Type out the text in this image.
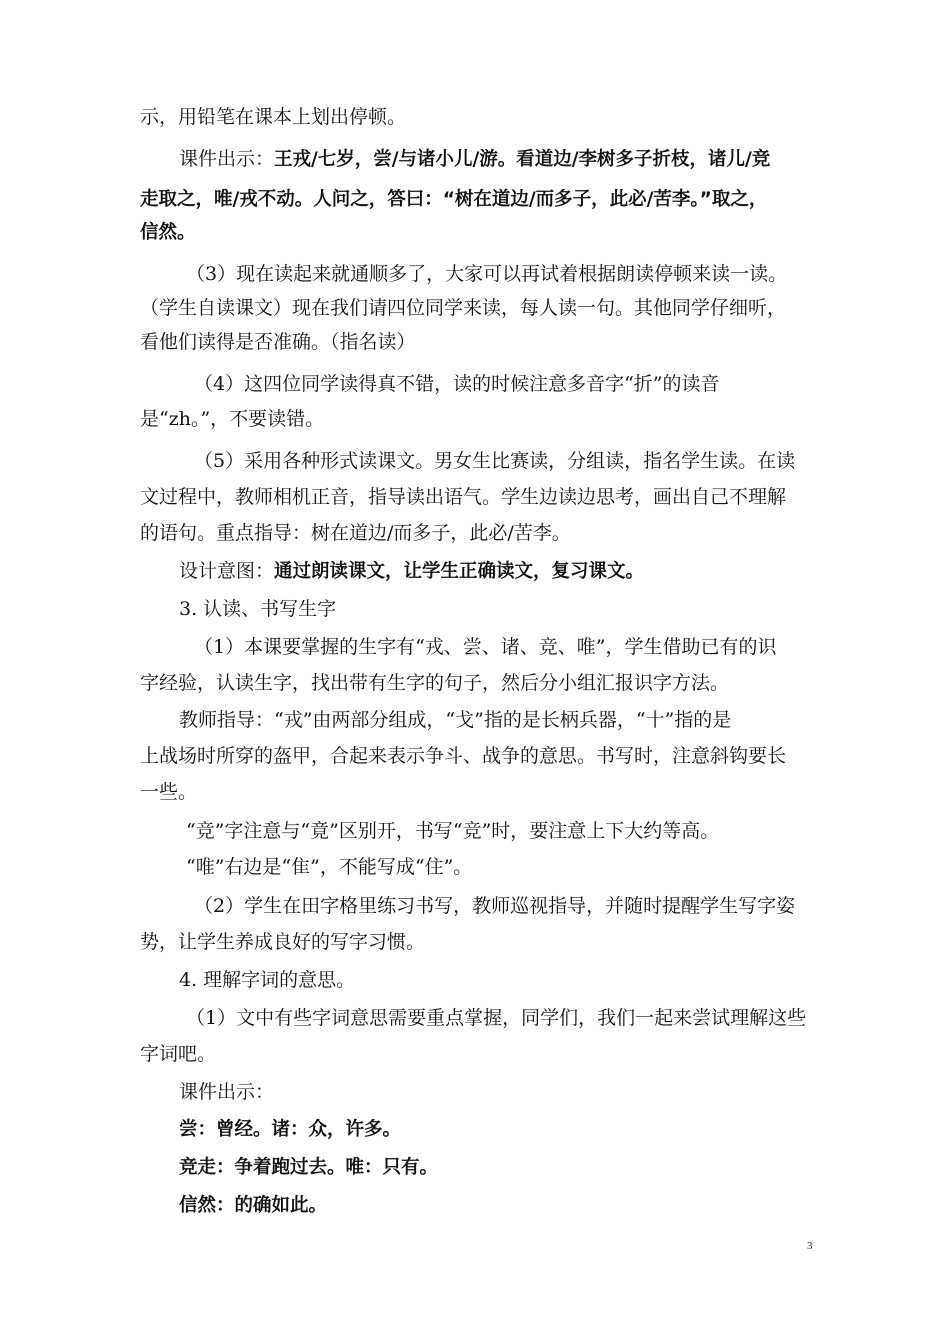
示，用铅笔在课本上划出停顿。
课件出示：王戎/七岁，尝/与诸小儿/游。看道边/李树多子折枝，诸儿/竞
走取之，唯/戎不动。人问之，答曰：“树在道边/而多子，此必/苦李。”取之，
信然。
（3）现在读起来就通顺多了，大家可以再试着根据朗读停顿来读一读。
（学生自读课文）现在我们请四位同学来读，每人读一句。其他同学仔细听，
看他们读得是否准确。（指名读）
（4）这四位同学读得真不错，读的时候注意多音字“折”的读音
是“zh。”，不要读错。
（5）采用各种形式读课文。男女生比赛读，分组读，指名学生读。在读
文过程中，教师相机正音，指导读出语气。学生边读边思考，画出自己不理解
的语句。重点指导：树在道边/而多子，此必/苦李。
设计意图：通过朗读课文，让学生正确读文，复习课文。
3. 认读、书写生字
（1）本课要掌握的生字有“戎、尝、诸、竞、唯”，学生借助已有的识
字经验，认读生字，找出带有生字的句子，然后分小组汇报识字方法。
教师指导：“戎”由两部分组成，“戈”指的是长柄兵器，“十”指的是
上战场时所穿的盔甲，合起来表示争斗、战争的意思。书写时，注意斜钩要长
一些。
“竞”字注意与“竟”区别开，书写“竞”时，要注意上下大约等高。
“唯”右边是“隹”，不能写成“住”。
（2）学生在田字格里练习书写，教师巡视指导，并随时提醒学生写字姿
势，让学生养成良好的写字习惯。
4. 理解字词的意思。
（1）文中有些字词意思需要重点掌握，同学们，我们一起来尝试理解这些
字词吧。
课件出示：
尝：曾经。诸：众，许多。
竞走：争着跑过去。唯：只有。
信然：的确如此。
3
